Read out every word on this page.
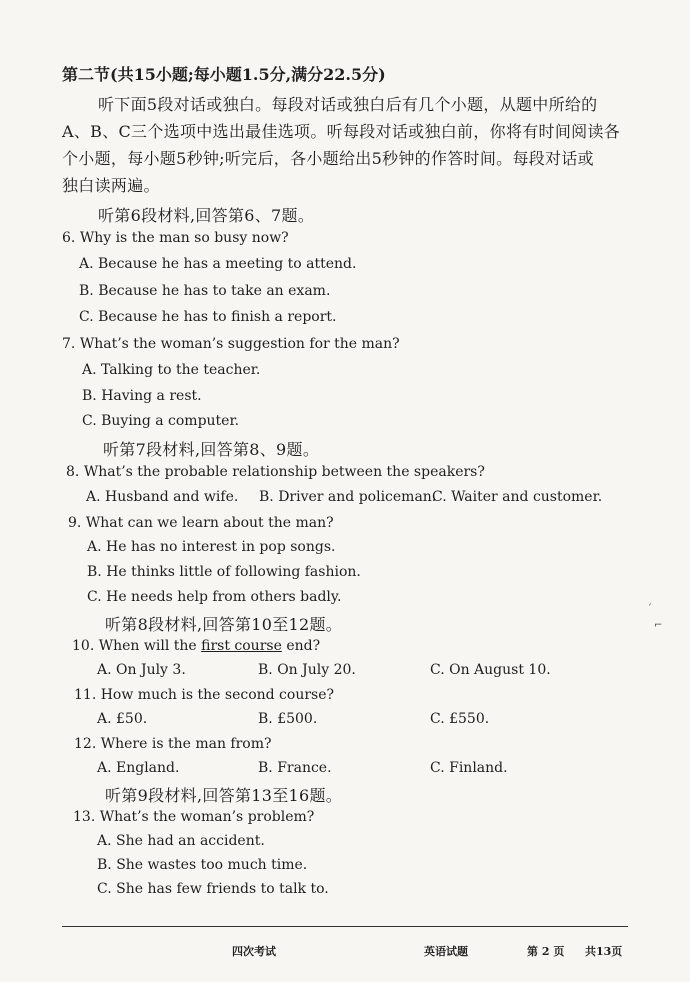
第二节(共15小题;每小题1.5分,满分22.5分)
听下面5段对话或独白。每段对话或独白后有几个小题，从题中所给的
A、B、C三个选项中选出最佳选项。听每段对话或独白前，你将有时间阅读各
个小题，每小题5秒钟;听完后，各小题给出5秒钟的作答时间。每段对话或
独白读两遍。
听第6段材料,回答第6、7题。
6. Why is the man so busy now?
A. Because he has a meeting to attend.
B. Because he has to take an exam.
C. Because he has to finish a report.
7. What’s the woman’s suggestion for the man?
A. Talking to the teacher.
B. Having a rest.
C. Buying a computer.
听第7段材料,回答第8、9题。
8. What’s the probable relationship between the speakers?
A. Husband and wife. B. Driver and policeman.
C. Waiter and customer.
9. What can we learn about the man?
A. He has no interest in pop songs.
B. He thinks little of following fashion.
C. He needs help from others badly.
听第8段材料,回答第10至12题。
10. When will the first course end?
A. On July 3.	B. On July 20.	C. On August 10.
11. How much is the second course?
A. £50.	B. £500.	C. £550.
12. Where is the man from?
A. England.	B. France.	C. Finland.
听第9段材料,回答第13至16题。
13. What’s the woman’s problem?
A. She had an accident.
B. She wastes too much time.
C. She has few friends to talk to.
´
⌐
四次考试	英语试题	第 2 页 共13页
